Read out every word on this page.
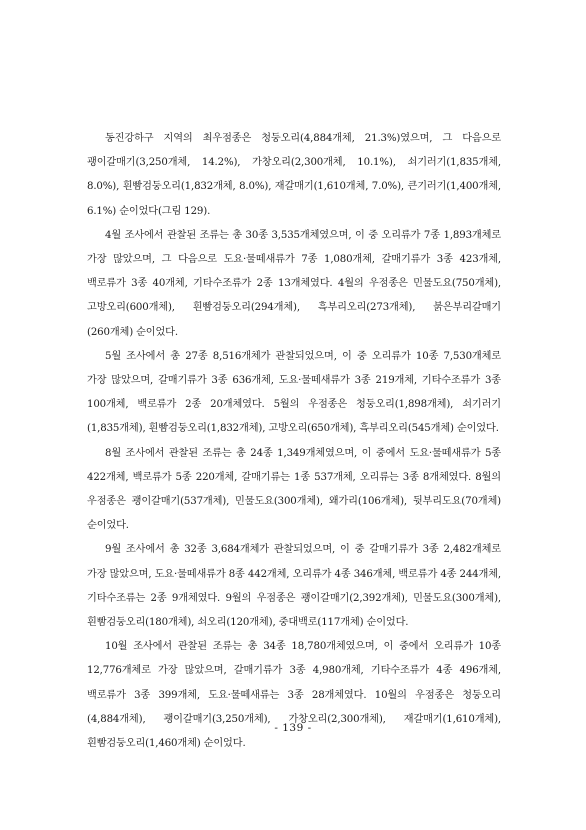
동진강하구 지역의 최우점종은 청둥오리(4,884개체, 21.3%)였으며, 그 다음으로 괭이갈매기(3,250개체, 14.2%), 가창오리(2,300개체, 10.1%), 쇠기러기(1,835개체, 8.0%), 흰빰검둥오리(1,832개체, 8.0%), 재갈매기(1,610개체, 7.0%), 큰기러기(1,400개체, 6.1%) 순이었다(그림 129).

4월 조사에서 관찰된 조류는 총 30종 3,535개체였으며, 이 중 오리류가 7종 1,893개체로 가장 많았으며, 그 다음으로 도요·물떼새류가 7종 1,080개체, 갈매기류가 3종 423개체, 백로류가 3종 40개체, 기타수조류가 2종 13개체였다. 4월의 우점종은 민물도요(750개체), 고방오리(600개체), 흰빰검둥오리(294개체), 흑부리오리(273개체), 붉은부리갈매기(260개체) 순이었다.

5월 조사에서 총 27종 8,516개체가 관찰되었으며, 이 중 오리류가 10종 7,530개체로 가장 많았으며, 갈매기류가 3종 636개체, 도요·물떼새류가 3종 219개체, 기타수조류가 3종 100개체, 백로류가 2종 20개체였다. 5월의 우점종은 청둥오리(1,898개체), 쇠기러기(1,835개체), 흰빰검둥오리(1,832개체), 고방오리(650개체), 흑부리오리(545개체) 순이었다.

8월 조사에서 관찰된 조류는 총 24종 1,349개체였으며, 이 중에서 도요·물떼새류가 5종 422개체, 백로류가 5종 220개체, 갈매기류는 1종 537개체, 오리류는 3종 8개체였다. 8월의 우점종은 괭이갈매기(537개체), 민물도요(300개체), 왜가리(106개체), 뒷부리도요(70개체) 순이었다.

9월 조사에서 총 32종 3,684개체가 관찰되었으며, 이 중 갈매기류가 3종 2,482개체로 가장 많았으며, 도요·물떼새류가 8종 442개체, 오리류가 4종 346개체, 백로류가 4종 244개체, 기타수조류는 2종 9개체였다. 9월의 우점종은 괭이갈매기(2,392개체), 민물도요(300개체), 흰빰검둥오리(180개체), 쇠오리(120개체), 중대백로(117개체) 순이었다.

10월 조사에서 관찰된 조류는 총 34종 18,780개체였으며, 이 중에서 오리류가 10종 12,776개체로 가장 많았으며, 갈매기류가 3종 4,980개체, 기타수조류가 4종 496개체, 백로류가 3종 399개체, 도요·물떼새류는 3종 28개체였다. 10월의 우점종은 청둥오리(4,884개체), 괭이갈매기(3,250개체), 가창오리(2,300개체), 재갈매기(1,610개체), 흰빰검둥오리(1,460개체) 순이었다.

- 139 -
